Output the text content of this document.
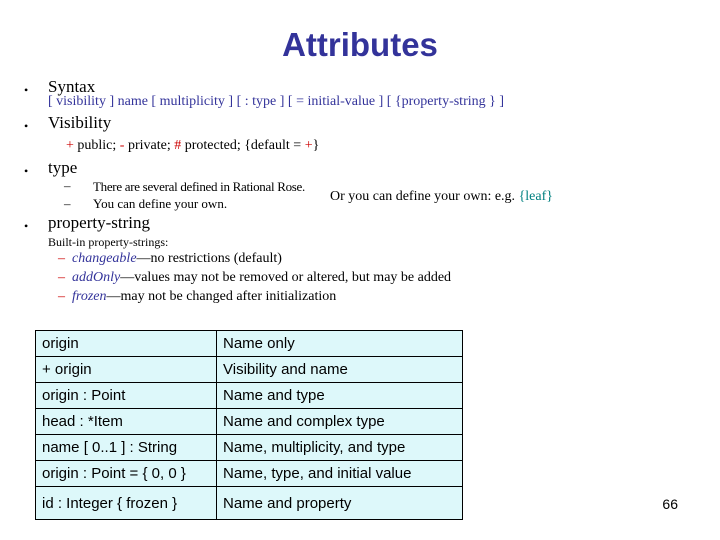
Attributes
• Syntax
[ visibility ] name [ multiplicity ] [ : type ] [ = initial-value ] [ {property-string } ]
• Visibility
+ public; - private; # protected; {default = +}
• type
– There are several defined in Rational Rose.
– You can define your own.	Or you can define your own: e.g. {leaf}
• property-string
Built-in property-strings:
– changeable—no restrictions (default)
– addOnly—values may not be removed or altered, but may be added
– frozen—may not be changed after initialization
origin	Name only
+ origin	Visibility and name
origin : Point	Name and type
head : *Item	Name and complex type
name [ 0..1 ] : String	Name, multiplicity, and type
origin : Point = { 0, 0 }	Name, type, and initial value
id : Integer { frozen }	Name and property	66
